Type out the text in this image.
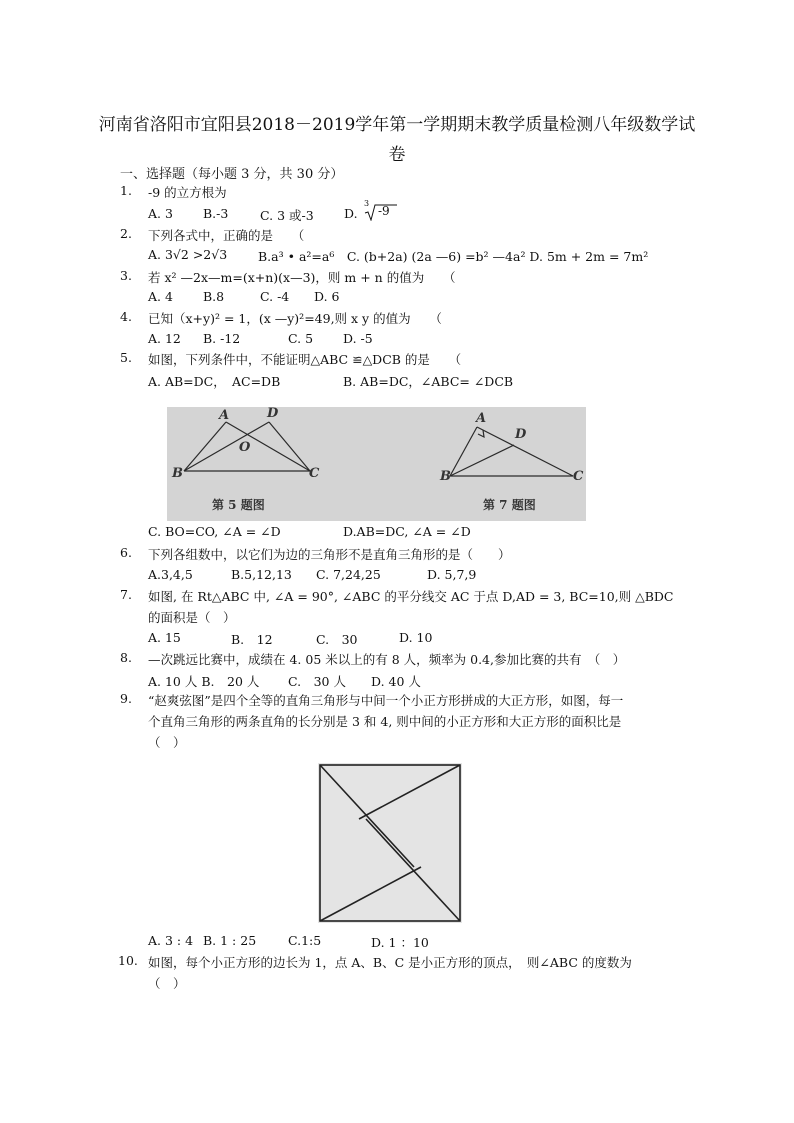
河南省洛阳市宜阳县2018－2019学年第一学期期末教学质量检测八年级数学试
卷
一、选择题（每小题 3 分，共 30 分）
1. -9 的立方根为
A. 3 B.-3	C. 3 或-3 D.
3
-9
2. 下列各式中，正确的是　　（
A. 3√2 >2√3 B.a³ • a²=a⁶　C. (b+2a) (2a —6) =b² —4a² D. 5m + 2m = 7m²
3. 若 x² —2x—m=(x+n)(x—3)，则 m + n 的值为　　（
A. 4 B.8	C. -4 D. 6
4. 已知（x+y)² = 1，(x —y)²=49,则 x y 的值为　　（
A. 12 B. -12	C. 5 D. -5
5. 如图，下列条件中，不能证明△ABC ≌△DCB 的是　　（
A. AB=DC，　AC=DB	B. AB=DC，∠ABC= ∠DCB
A	D
O
B	C
第 5 题图
A
D
B	C
第 7 题图
C. BO=CO, ∠A = ∠D	D.AB=DC, ∠A = ∠D
6. 下列各组数中，以它们为边的三角形不是直角三角形的是（　　）
A.3,4,5	B.5,12,13 C. 7,24,25	D. 5,7,9
7. 如图, 在 Rt△ABC 中, ∠A = 90°, ∠ABC 的平分线交 AC 于点 D,AD = 3, BC=10,则 △BDC
的面积是（　）
A. 15	B.　12	C.　30	D. 10
8. —次跳远比赛中，成绩在 4. 05 米以上的有 8 人，频率为 0.4,参加比赛的共有　（　）
A. 10 人 B.　20 人 C.　30 人 D. 40 人
9. “赵爽弦图”是四个全等的直角三角形与中间一个小正方形拼成的大正方形，如图，每一
个直角三角形的两条直角的长分别是 3 和 4, 则中间的小正方形和大正方形的面积比是
（　）
A. 3 : 4 B. 1 : 25	C.1:5	D. 1 ：10
10. 如图，每个小正方形的边长为 1，点 A、B、C 是小正方形的顶点，　则∠ABC 的度数为
（　）
